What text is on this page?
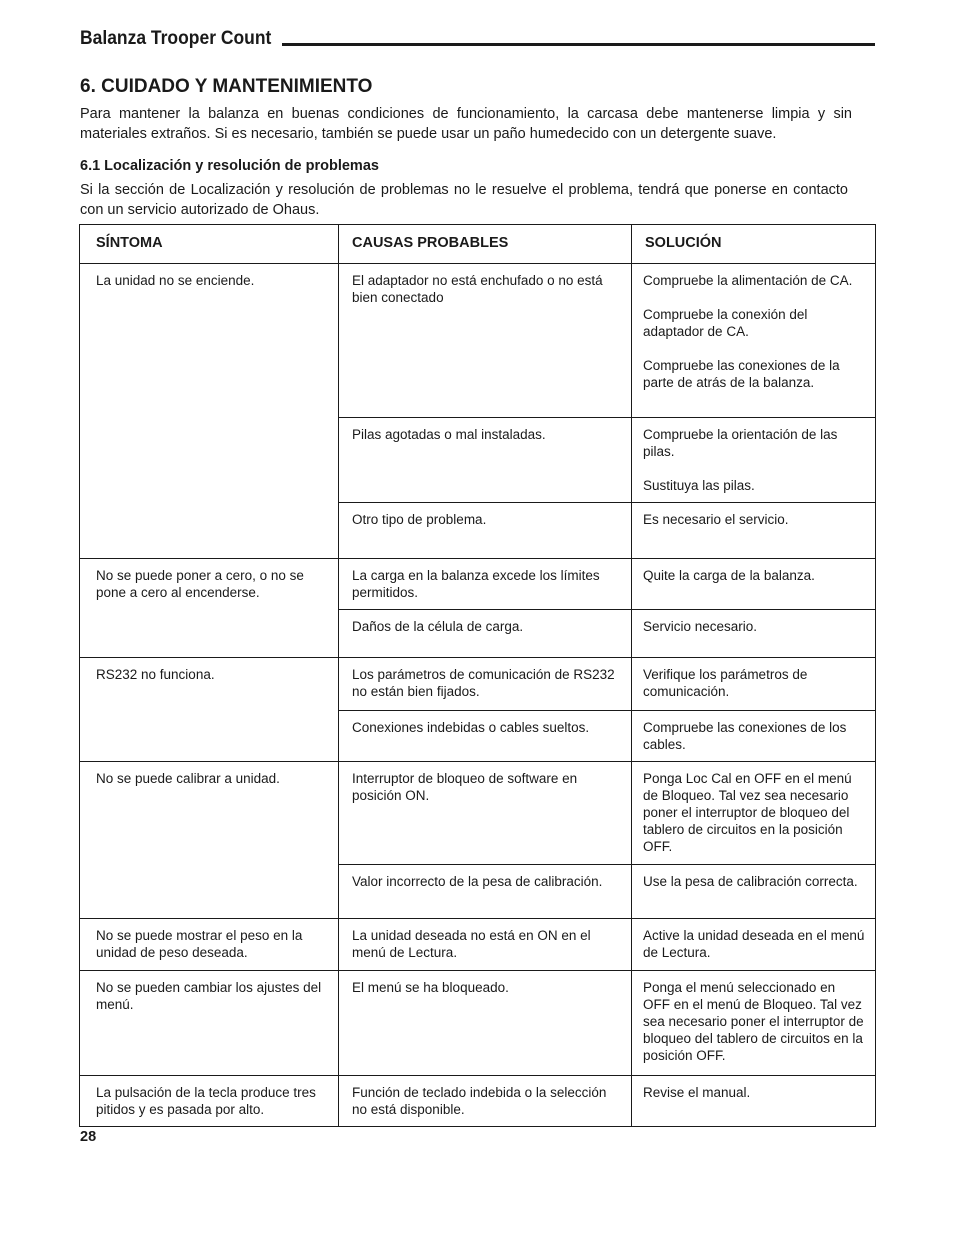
Balanza Trooper Count
6. CUIDADO Y MANTENIMIENTO
Para mantener la balanza en buenas condiciones de funcionamiento, la carcasa debe mantenerse limpia y sin materiales extraños. Si es necesario, también se puede usar un paño humedecido con un detergente suave.
6.1 Localización y resolución de problemas
Si la sección de Localización y resolución de problemas no le resuelve el problema, tendrá que ponerse en contacto con un servicio autorizado de Ohaus.
SÍNTOMA	CAUSAS PROBABLES	SOLUCIÓN
La unidad no se enciende.	El adaptador no está enchufado o no está bien conectado	Compruebe la alimentación de CA.
Compruebe la conexión del adaptador de CA.
Compruebe las conexiones de la parte de atrás de la balanza.

	Pilas agotadas o mal instaladas.	Compruebe la orientación de las pilas.
Sustituya las pilas.

	Otro tipo de problema.	Es necesario el servicio.

No se puede poner a cero, o no se pone a cero al encenderse.	La carga en la balanza excede los límites permitidos.	Quite la carga de la balanza.

	Daños de la célula de carga.	Servicio necesario.

RS232 no funciona.	Los parámetros de comunicación de RS232 no están bien fijados.	Verifique los parámetros de comunicación.

	Conexiones indebidas o cables sueltos.	Compruebe las conexiones de los cables.

No se puede calibrar a unidad.	Interruptor de bloqueo de software en posición ON.	Ponga Loc Cal en OFF en el menú de Bloqueo. Tal vez sea necesario poner el interruptor de bloqueo del tablero de circuitos en la posición OFF.

	Valor incorrecto de la pesa de calibración.	Use la pesa de calibración correcta.

No se puede mostrar el peso en la unidad de peso deseada.	La unidad deseada no está en ON en el menú de Lectura.	Active la unidad deseada en el menú de Lectura.

No se pueden cambiar los ajustes del menú.	El menú se ha bloqueado.	Ponga el menú seleccionado en OFF en el menú de Bloqueo. Tal vez sea necesario poner el interruptor de bloqueo del tablero de circuitos en la posición OFF.

La pulsación de la tecla produce tres pitidos y es pasada por alto.	Función de teclado indebida o la selección no está disponible.	Revise el manual.
28
